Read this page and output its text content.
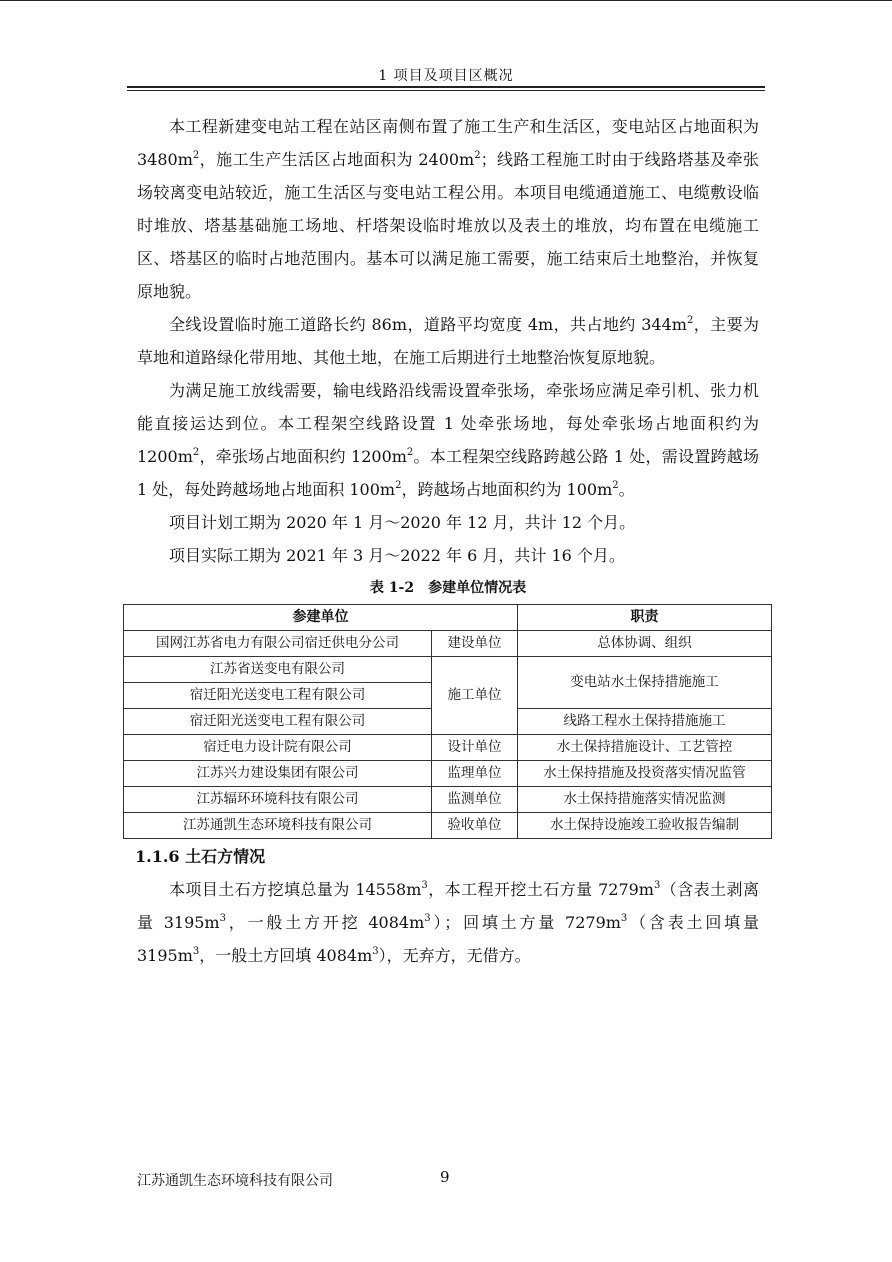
1 项目及项目区概况

本工程新建变电站工程在站区南侧布置了施工生产和生活区，变电站区占地面积为 $3480m^2$，施工生产生活区占地面积为 $2400m^2$；线路工程施工时由于线路塔基及牵张场较离变电站较近，施工生活区与变电站工程公用。本项目电缆通道施工、电缆敷设临时堆放、塔基基础施工场地、杆塔架设临时堆放以及表土的堆放，均布置在电缆施工区、塔基区的临时占地范围内。基本可以满足施工需要，施工结束后土地整治，并恢复原地貌。

全线设置临时施工道路长约 86m，道路平均宽度 4m，共占地约 $344m^2$，主要为草地和道路绿化带用地、其他土地，在施工后期进行土地整治恢复原地貌。

为满足施工放线需要，输电线路沿线需设置牵张场，牵张场应满足牵引机、张力机能直接运达到位。本工程架空线路设置 1 处牵张场地，每处牵张场占地面积约为 $1200m^2$，牵张场占地面积约 $1200m^2$。本工程架空线路跨越公路 1 处，需设置跨越场 1 处，每处跨越场地占地面积 $100m^2$，跨越场占地面积约为 $100m^2$。

项目计划工期为 2020 年 1 月～2020 年 12 月，共计 12 个月。

项目实际工期为 2021 年 3 月～2022 年 6 月，共计 16 个月。

表 1-2　参建单位情况表
参建单位		职责
国网江苏省电力有限公司宿迁供电分公司	建设单位	总体协调、组织
江苏省送变电有限公司	施工单位	变电站水土保持措施施工
宿迁阳光送变电工程有限公司		
宿迁阳光送变电工程有限公司		线路工程水土保持措施施工
宿迁电力设计院有限公司	设计单位	水土保持措施设计、工艺管控
江苏兴力建设集团有限公司	监理单位	水土保持措施及投资落实情况监管
江苏辐环环境科技有限公司	监测单位	水土保持措施落实情况监测
江苏通凯生态环境科技有限公司	验收单位	水土保持设施竣工验收报告编制
1.1.6 土石方情况

本项目土石方挖填总量为 $14558m^3$，本工程开挖土石方量 $7279m^3$（含表土剥离量 $3195m^3$，一般土方开挖 $4084m^3$）；回填土方量 $7279m^3$（含表土回填量 $3195m^3$，一般土方回填 $4084m^3$），无弃方，无借方。

江苏通凯生态环境科技有限公司	9
